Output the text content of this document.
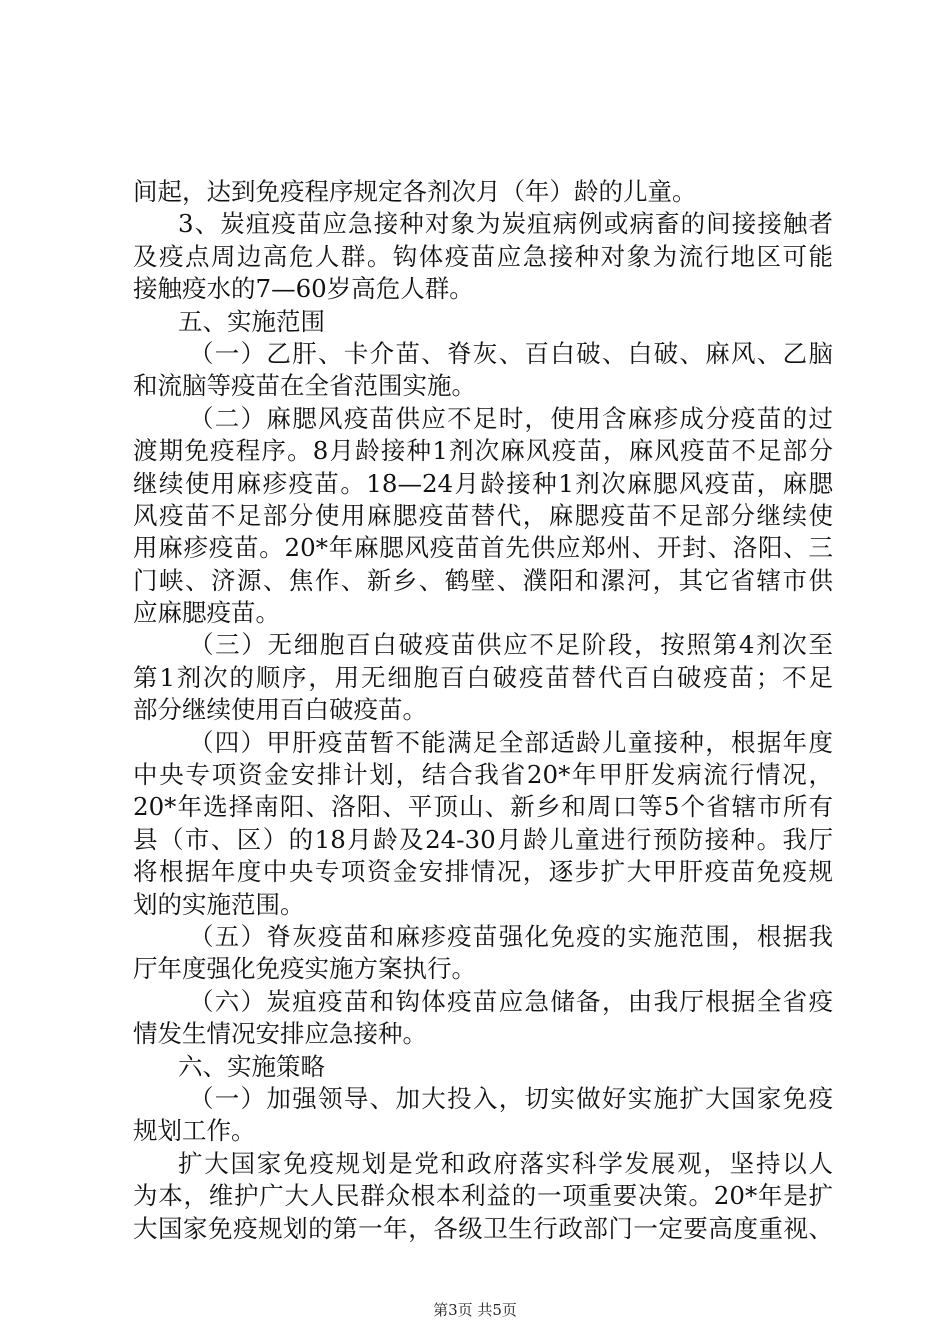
间起，达到免疫程序规定各剂次月（年）龄的儿童。
3、炭疽疫苗应急接种对象为炭疽病例或病畜的间接接触者
及疫点周边高危人群。钩体疫苗应急接种对象为流行地区可能
接触疫水的7—60岁高危人群。
五、实施范围
（一）乙肝、卡介苗、脊灰、百白破、白破、麻风、乙脑
和流脑等疫苗在全省范围实施。
（二）麻腮风疫苗供应不足时，使用含麻疹成分疫苗的过
渡期免疫程序。8月龄接种1剂次麻风疫苗，麻风疫苗不足部分
继续使用麻疹疫苗。18—24月龄接种1剂次麻腮风疫苗，麻腮
风疫苗不足部分使用麻腮疫苗替代，麻腮疫苗不足部分继续使
用麻疹疫苗。20*年麻腮风疫苗首先供应郑州、开封、洛阳、三
门峡、济源、焦作、新乡、鹤壁、濮阳和漯河，其它省辖市供
应麻腮疫苗。
（三）无细胞百白破疫苗供应不足阶段，按照第4剂次至
第1剂次的顺序，用无细胞百白破疫苗替代百白破疫苗；不足
部分继续使用百白破疫苗。
（四）甲肝疫苗暂不能满足全部适龄儿童接种，根据年度
中央专项资金安排计划，结合我省20*年甲肝发病流行情况，
20*年选择南阳、洛阳、平顶山、新乡和周口等5个省辖市所有
县（市、区）的18月龄及24-30月龄儿童进行预防接种。我厅
将根据年度中央专项资金安排情况，逐步扩大甲肝疫苗免疫规
划的实施范围。
（五）脊灰疫苗和麻疹疫苗强化免疫的实施范围，根据我
厅年度强化免疫实施方案执行。
（六）炭疽疫苗和钩体疫苗应急储备，由我厅根据全省疫
情发生情况安排应急接种。
六、实施策略
（一）加强领导、加大投入，切实做好实施扩大国家免疫
规划工作。
扩大国家免疫规划是党和政府落实科学发展观，坚持以人
为本，维护广大人民群众根本利益的一项重要决策。20*年是扩
大国家免疫规划的第一年，各级卫生行政部门一定要高度重视、
第3页 共5页
